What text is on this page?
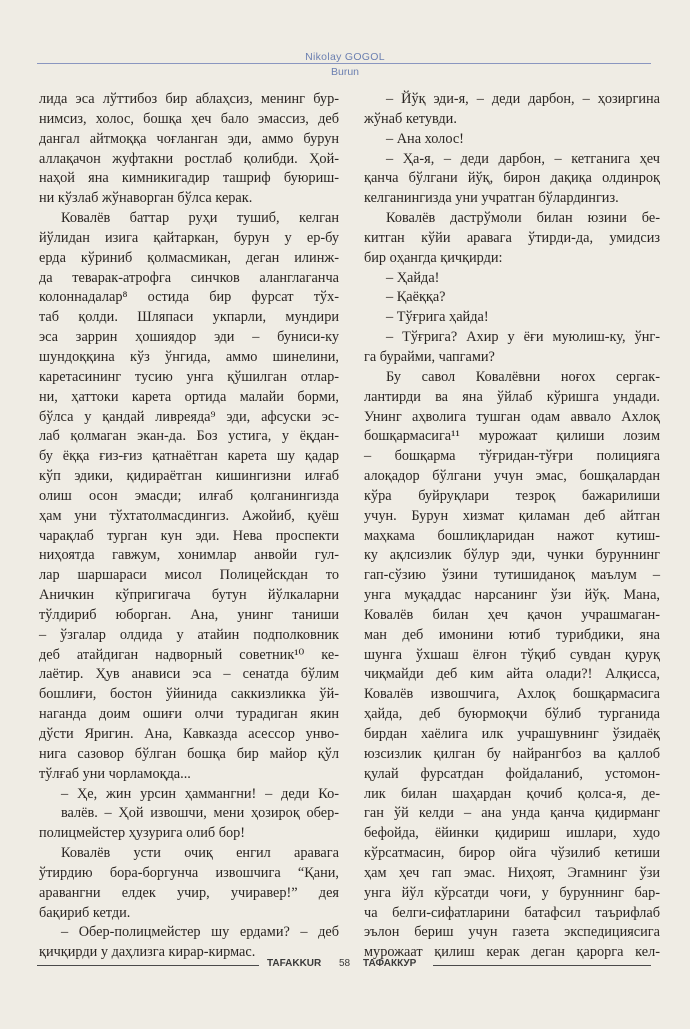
Nikolay GOGOL
Burun
лида эса лўттибоз бир аблаҳсиз, менинг бур-
нимсиз, холос, бошқа ҳеч бало эмассиз, деб
дангал айтмоққа чоғланган эди, аммо бурун
аллақачон жуфтакни ростлаб қолибди. Ҳой-
наҳой яна кимникигадир ташриф буюриш-
ни кўзлаб жўнаворган бўлса керак.
Ковалёв баттар руҳи тушиб, келган
йўлидан изига қайтаркан, бурун у ер-бу
ерда кўриниб қолмасмикан, деган илинж-
да теварак-атрофга синчков аланглаганча
колоннадалар⁸ остида бир фурсат тўх-
таб қолди. Шляпаси укпарли, мундири
эса заррин ҳошиядор эди – буниси-ку
шундоққина кўз ўнгида, аммо шинелини,
каретасининг тусию унга қўшилган отлар-
ни, ҳаттоки карета ортида малайи борми,
бўлса у қандай ливреяда⁹ эди, афсуски эс-
лаб қолмаган экан-да. Боз устига, у ёқдан-
бу ёққа ғиз-ғиз қатнаётган карета шу қадар
кўп эдики, қидираётган кишингизни илғаб
олиш осон эмасди; илғаб қолганингизда
ҳам уни тўхтатолмасдингиз. Ажойиб, қуёш
чарақлаб турган кун эди. Нева проспекти
ниҳоятда гавжум, хонимлар анвойи гул-
лар шаршараси мисол Полицейскдан то
Аничкин кўпригигача бутун йўлкаларни
тўлдириб юборган. Ана, унинг таниши
– ўзгалар олдида у атайин подполковник
деб атайдиган надворный советник¹⁰ ке-
лаётир. Ҳув анависи эса – сенатда бўлим
бошлиғи, бостон ўйинида саккизликка ўй-
наганда доим ошиғи олчи турадиган якин
дўсти Яригин. Ана, Кавказда асессор унво-
нига сазовор бўлган бошқа бир майор қўл
тўлғаб уни чорламоқда...
– Ҳе, жин урсин ҳаммангни! – деди Ко-
валёв. – Ҳой извошчи, мени ҳозироқ обер-
полицмейстер ҳузурига олиб бор!
Ковалёв усти очиқ енгил аравага
ўтирдию бора-боргунча извошчига “Қани,
аравангни елдек учир, учиравер!” дея
бақириб кетди.
– Обер-полицмейстер шу ердами? – деб
қичқирди у даҳлизга кирар-кирмас.
– Йўқ эди-я, – деди дарбон, – ҳозиргина
жўнаб кетувди.
– Ана холос!
– Ҳа-я, – деди дарбон, – кетганига ҳеч
қанча бўлгани йўқ, бирон дақиқа олдинроқ
келганингизда уни учратган бўлардингиз.
Ковалёв дастрўмоли билан юзини бе-
китган кўйи аравага ўтирди-да, умидсиз
бир оҳангда қичқирди:
– Ҳайда!
– Қаёққа?
– Тўғрига ҳайда!
– Тўғрига? Ахир у ёғи муюлиш-ку, ўнг-
га бурайми, чапгами?
Бу савол Ковалёвни ноғох сергак-
лантирди ва яна ўйлаб кўришга ундади.
Унинг аҳволига тушган одам аввало Ахлоқ
бошқармасига¹¹ мурожаат қилиши лозим
– бошқарма тўғридан-тўғри полицияга
алоқадор бўлгани учун эмас, бошқалардан
кўра буйруқлари тезроқ бажарилиши
учун. Бурун хизмат қиламан деб айтган
маҳкама бошлиқларидан нажот кутиш-
ку ақлсизлик бўлур эди, чунки буруннинг
гап-сўзию ўзини тутишиданоқ маълум –
унга муқаддас нарсанинг ўзи йўқ. Мана,
Ковалёв билан ҳеч қачон учрашмаган-
ман деб имонини ютиб турибдики, яна
шунга ўхшаш ёлғон тўқиб сувдан қуруқ
чиқмайди деб ким айта олади?! Алқисса,
Ковалёв извошчига, Ахлоқ бошқармасига
ҳайда, деб буюрмоқчи бўлиб турганида
бирдан хаёлига илк учрашувнинг ўзидаёқ
юзсизлик қилган бу найрангбоз ва қаллоб
қулай фурсатдан фойдаланиб, устомон-
лик билан шаҳардан қочиб қолса-я, де-
ган ўй келди – ана унда қанча қидирманг
бефойда, ёйинки қидириш ишлари, худо
кўрсатмасин, бирор ойга чўзилиб кетиши
ҳам ҳеч гап эмас. Ниҳоят, Эгамнинг ўзи
унга йўл кўрсатди чоғи, у буруннинг бар-
ча белги-сифатларини батафсил таърифлаб
эълон бериш учун газета экспедициясига
мурожаат қилиш керак деган қарорга кел-
TAFAKKUR 58 ТАФАККУР
